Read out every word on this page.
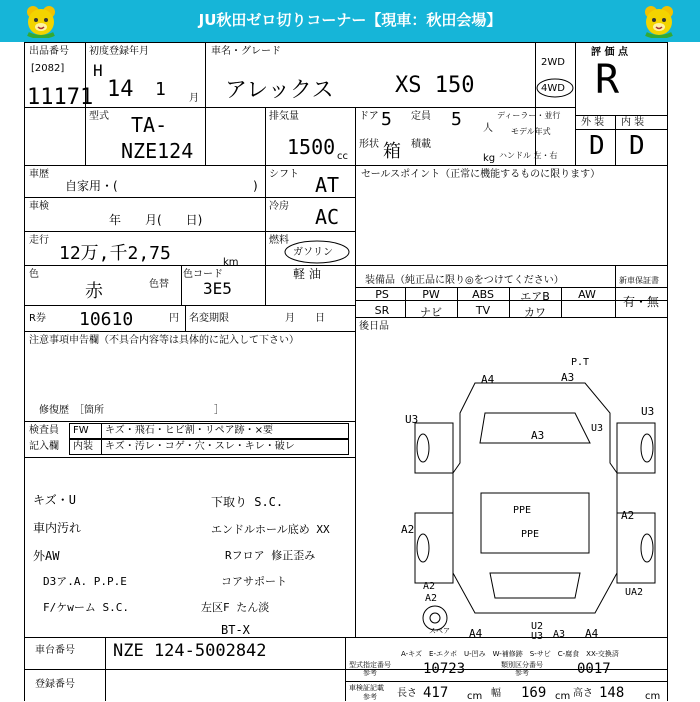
JU秋田ゼロ切りコーナー【現車：秋田会場】
出品番号
[2082]
11171
初度登録年月
H
14 1 月
車名・グレード
アレックス	XS 150
2WD
4WD
評 価 点
R
外 装 内 装
D D
型式 TA-
NZE124
排気量
1500 cc
ドア 5 定員 5 人
形状 箱 積載
kg
ディーラー・並行
モデル年式
ハンドル 左・右
車歴
自家用・(	)
車検
年　　月(　　日)
走行
12万,千2,75	km
色
赤	色替
色コード
3E5
シフト AT
冷房 AC
燃料
ガソリン
軽 油
セールスポイント（正常に機能するものに限ります）
装備品（純正品に限り◎をつけてください）	新車保証書
有・無
PS	PW	ABS	エアB	AW
SR	ナビ	TV	カワ
後日品
R券 10610	円 名変期限	月　　日
注意事項申告欄（不具合内容等は具体的に記入して下さい）
修復歴　［箇所　　　　　　　　　　　］
検査員
記入欄
FW キズ・飛石・ヒビ割・リペア跡・×要
内装 キズ・汚レ・コゲ・穴・スレ・キレ・破レ
キズ・U
車内汚れ
外AW
D3ア.A. P.P.E
F/ケwーム S.C.
下取り S.C.
エンドルホール底め XX
Rフロア 修正歪み
コアサポート
左区F たん淡
BT-X
A4	A3
P.T
U3
U3
A3
U3
A2
PPE
PPE
A2
A2
UA2
A4	A4
A2
U2
U3 A3
スペア
A-キズ　E-エクボ　U-凹み　W-補修跡　S-サビ　C-腐食　XX-交換済
車台番号 NZE 124-5002842
登録番号
型式指定番号
参考	10723	類別区分番号
参考	0017
車検証記載
参考 長さ 417 cm 幅 169 cm 高さ 148 cm
